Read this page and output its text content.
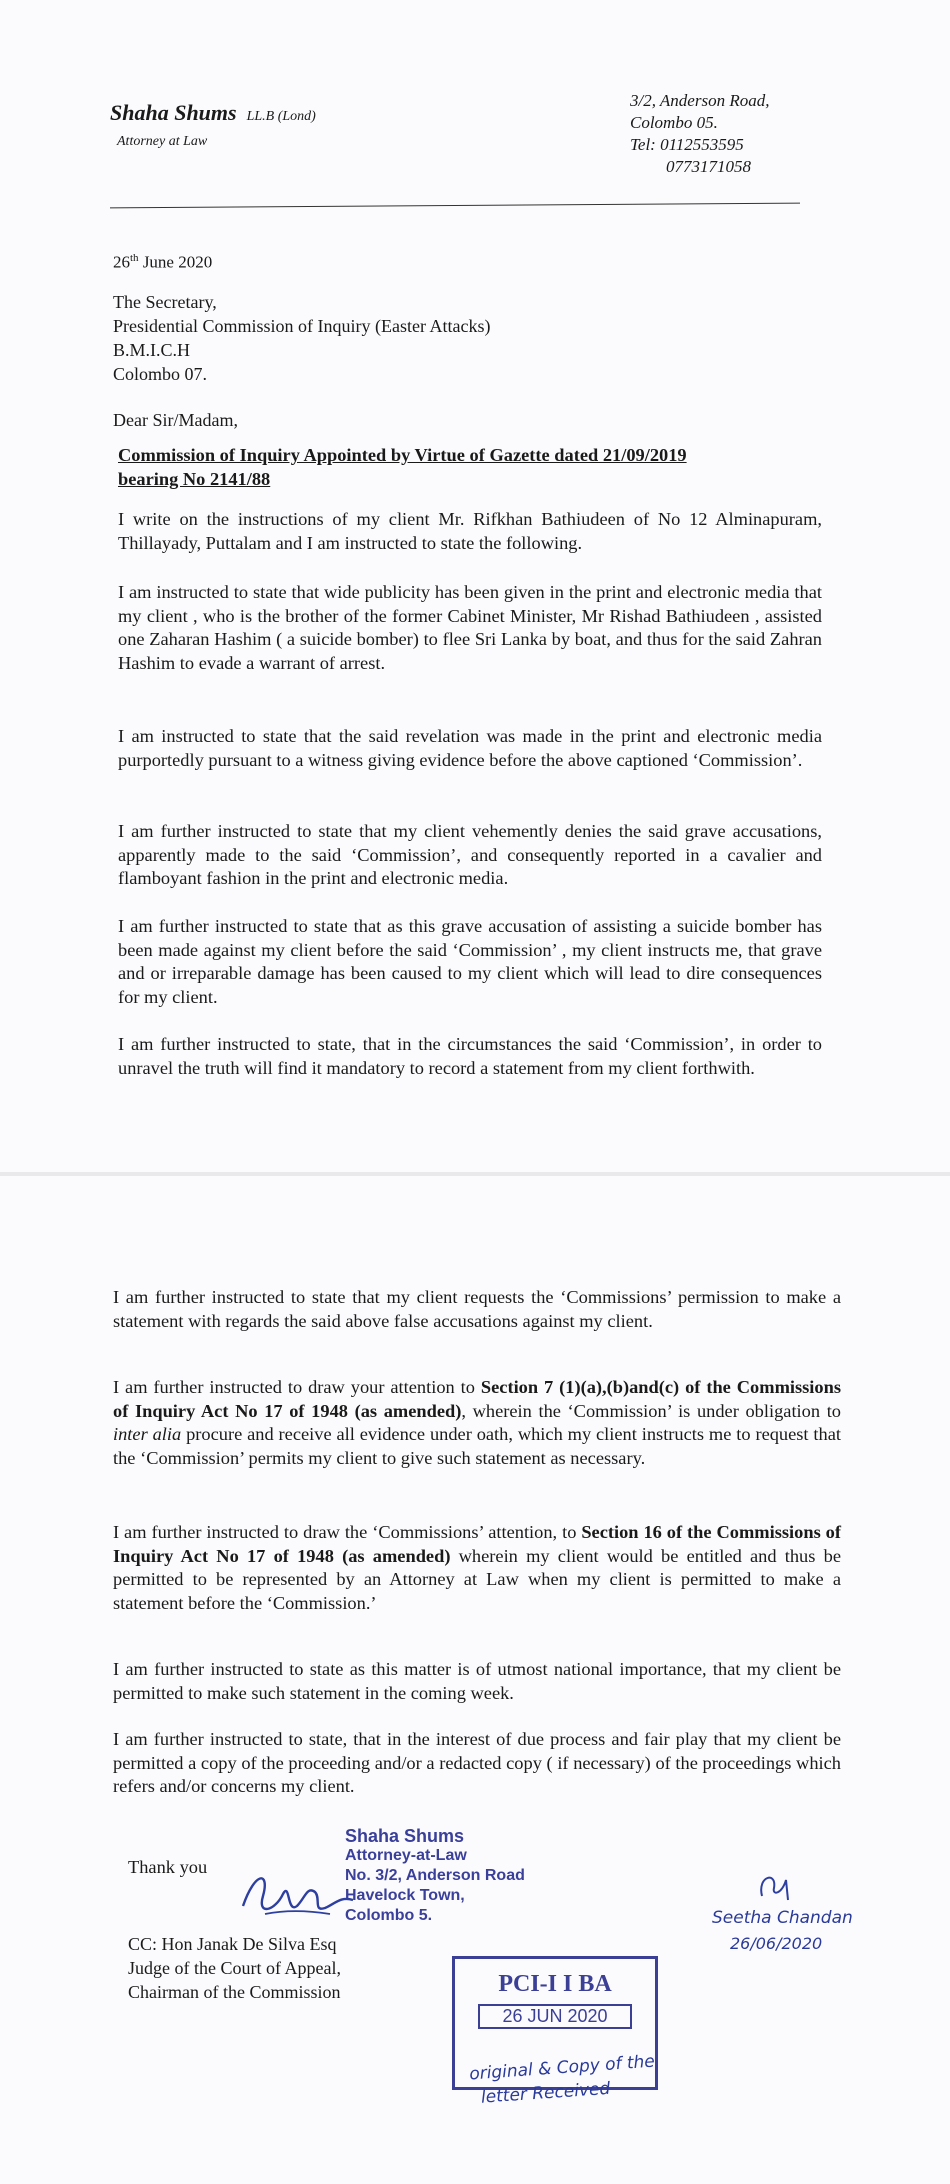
Shaha Shums LL.B (Lond)
Attorney at Law
3/2, Anderson Road,
Colombo 05.
Tel: 0112553595
0773171058
26th June 2020
The Secretary,
Presidential Commission of Inquiry (Easter Attacks)
B.M.I.C.H
Colombo 07.
Dear Sir/Madam,
Commission of Inquiry Appointed by Virtue of Gazette dated 21/09/2019
bearing No 2141/88
I write on the instructions of my client Mr. Rifkhan Bathiudeen of No 12 Alminapuram, Thillayady, Puttalam and I am instructed to state the following.
I am instructed to state that wide publicity has been given in the print and electronic media that my client , who is the brother of the former Cabinet Minister, Mr Rishad Bathiudeen , assisted one Zaharan Hashim ( a suicide bomber) to flee Sri Lanka by boat, and thus for the said Zahran Hashim to evade a warrant of arrest.
I am instructed to state that the said revelation was made in the print and electronic media purportedly pursuant to a witness giving evidence before the above captioned ‘Commission’.
I am further instructed to state that my client vehemently denies the said grave accusations, apparently made to the said ‘Commission’, and consequently reported in a cavalier and flamboyant fashion in the print and electronic media.
I am further instructed to state that as this grave accusation of assisting a suicide bomber has been made against my client before the said ‘Commission’ , my client instructs me, that grave and or irreparable damage has been caused to my client which will lead to dire consequences for my client.
I am further instructed to state, that in the circumstances the said ‘Commission’, in order to unravel the truth will find it mandatory to record a statement from my client forthwith.
I am further instructed to state that my client requests the ‘Commissions’ permission to make a statement with regards the said above false accusations against my client.
I am further instructed to draw your attention to Section 7 (1)(a),(b)and(c) of the Commissions of Inquiry Act No 17 of 1948 (as amended), wherein the ‘Commission’ is under obligation to inter alia procure and receive all evidence under oath, which my client instructs me to request that the ‘Commission’ permits my client to give such statement as necessary.
I am further instructed to draw the ‘Commissions’ attention, to Section 16 of the Commissions of Inquiry Act No 17 of 1948 (as amended) wherein my client would be entitled and thus be permitted to be represented by an Attorney at Law when my client is permitted to make a statement before the ‘Commission.’
I am further instructed to state as this matter is of utmost national importance, that my client be permitted to make such statement in the coming week.
I am further instructed to state, that in the interest of due process and fair play that my client be permitted a copy of the proceeding and/or a redacted copy ( if necessary) of the proceedings which refers and/or concerns my client.
Thank you
Shaha Shums
Attorney-at-Law
No. 3/2, Anderson Road
Havelock Town,
Colombo 5.
CC: Hon Janak De Silva Esq
Judge of the Court of Appeal,
Chairman of the Commission	PCI-I I BA
26 JUN 2020
original & Copy of the
letter Received
Seetha Chandan
26/06/2020
